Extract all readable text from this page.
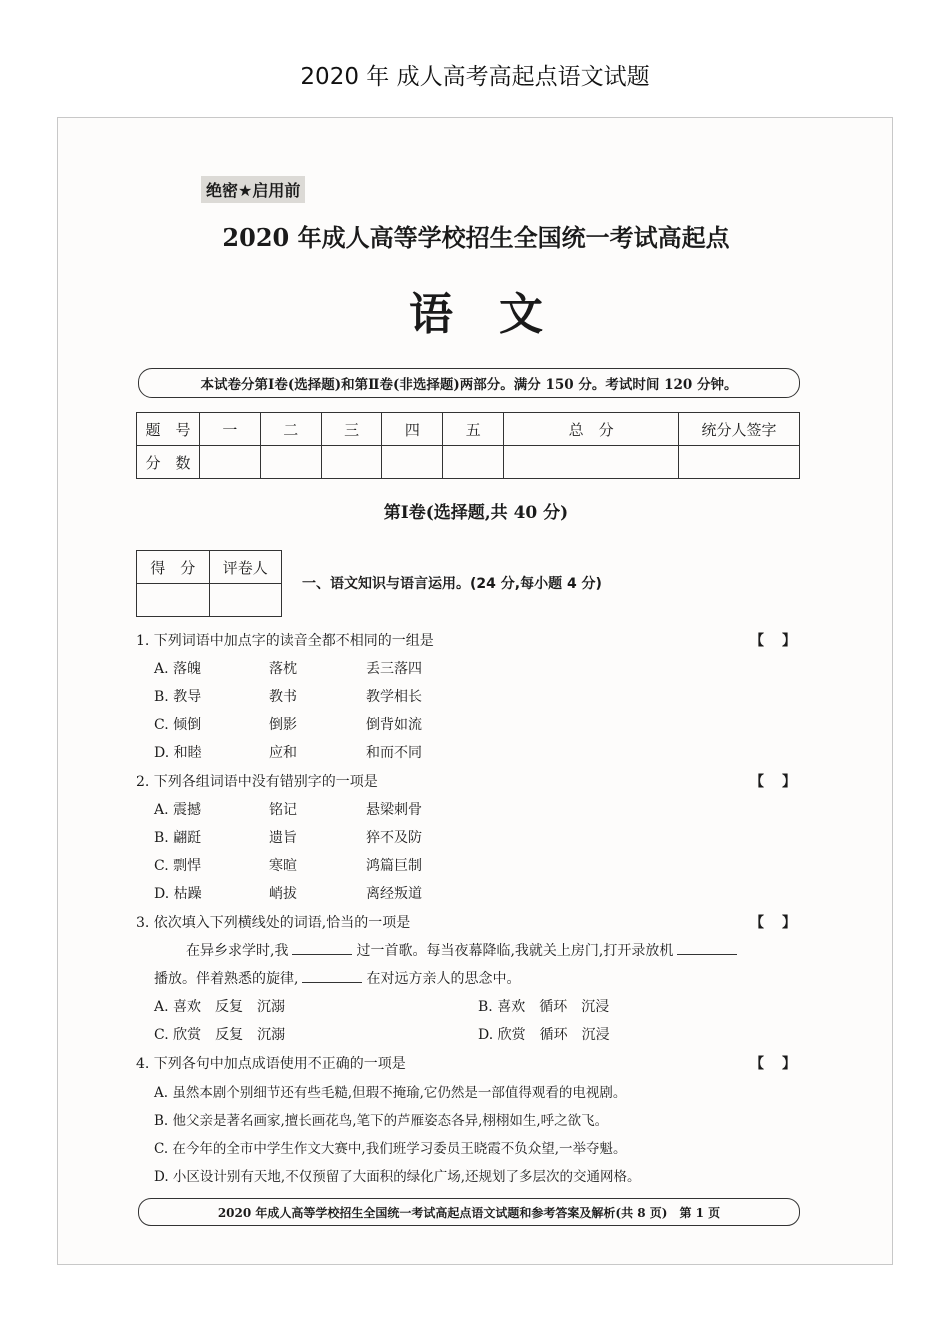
2020 年 成人高考高起点语文试题
绝密★启用前
2020 年成人高等学校招生全国统一考试高起点
语文
本试卷分第Ⅰ卷(选择题)和第Ⅱ卷(非选择题)两部分。满分 150 分。考试时间 120 分钟。
题　号	一	二	三	四	五	总　分	统分人签字
分　数							
第Ⅰ卷(选择题,共 40 分)
得　分	评卷人

一、语文知识与语言运用。(24 分,每小题 4 分)
1. 下列词语中加点字的读音全都不相同的一组是	【】
A. 落魄	落枕	丢三落四
B. 教导	教书	教学相长
C. 倾倒	倒影	倒背如流
D. 和睦	应和	和而不同
2. 下列各组词语中没有错别字的一项是	【】
A. 震撼	铭记	悬梁刺骨
B. 翩跹	遗旨	猝不及防
C. 剽悍	寒暄	鸿篇巨制
D. 枯躁	峭拔	离经叛道
3. 依次填入下列横线处的词语,恰当的一项是	【】
在异乡求学时,我	过一首歌。每当夜幕降临,我就关上房门,打开录放机
播放。伴着熟悉的旋律,	在对远方亲人的思念中。
A. 喜欢　反复　沉溺	B. 喜欢　循环　沉浸
C. 欣赏　反复　沉溺	D. 欣赏　循环　沉浸
4. 下列各句中加点成语使用不正确的一项是	【】
A. 虽然本剧个别细节还有些毛糙,但瑕不掩瑜,它仍然是一部值得观看的电视剧。
B. 他父亲是著名画家,擅长画花鸟,笔下的芦雁姿态各异,栩栩如生,呼之欲飞。
C. 在今年的全市中学生作文大赛中,我们班学习委员王晓霞不负众望,一举夺魁。
D. 小区设计别有天地,不仅预留了大面积的绿化广场,还规划了多层次的交通网格。
2020 年成人高等学校招生全国统一考试高起点语文试题和参考答案及解析(共 8 页)　第 1 页
